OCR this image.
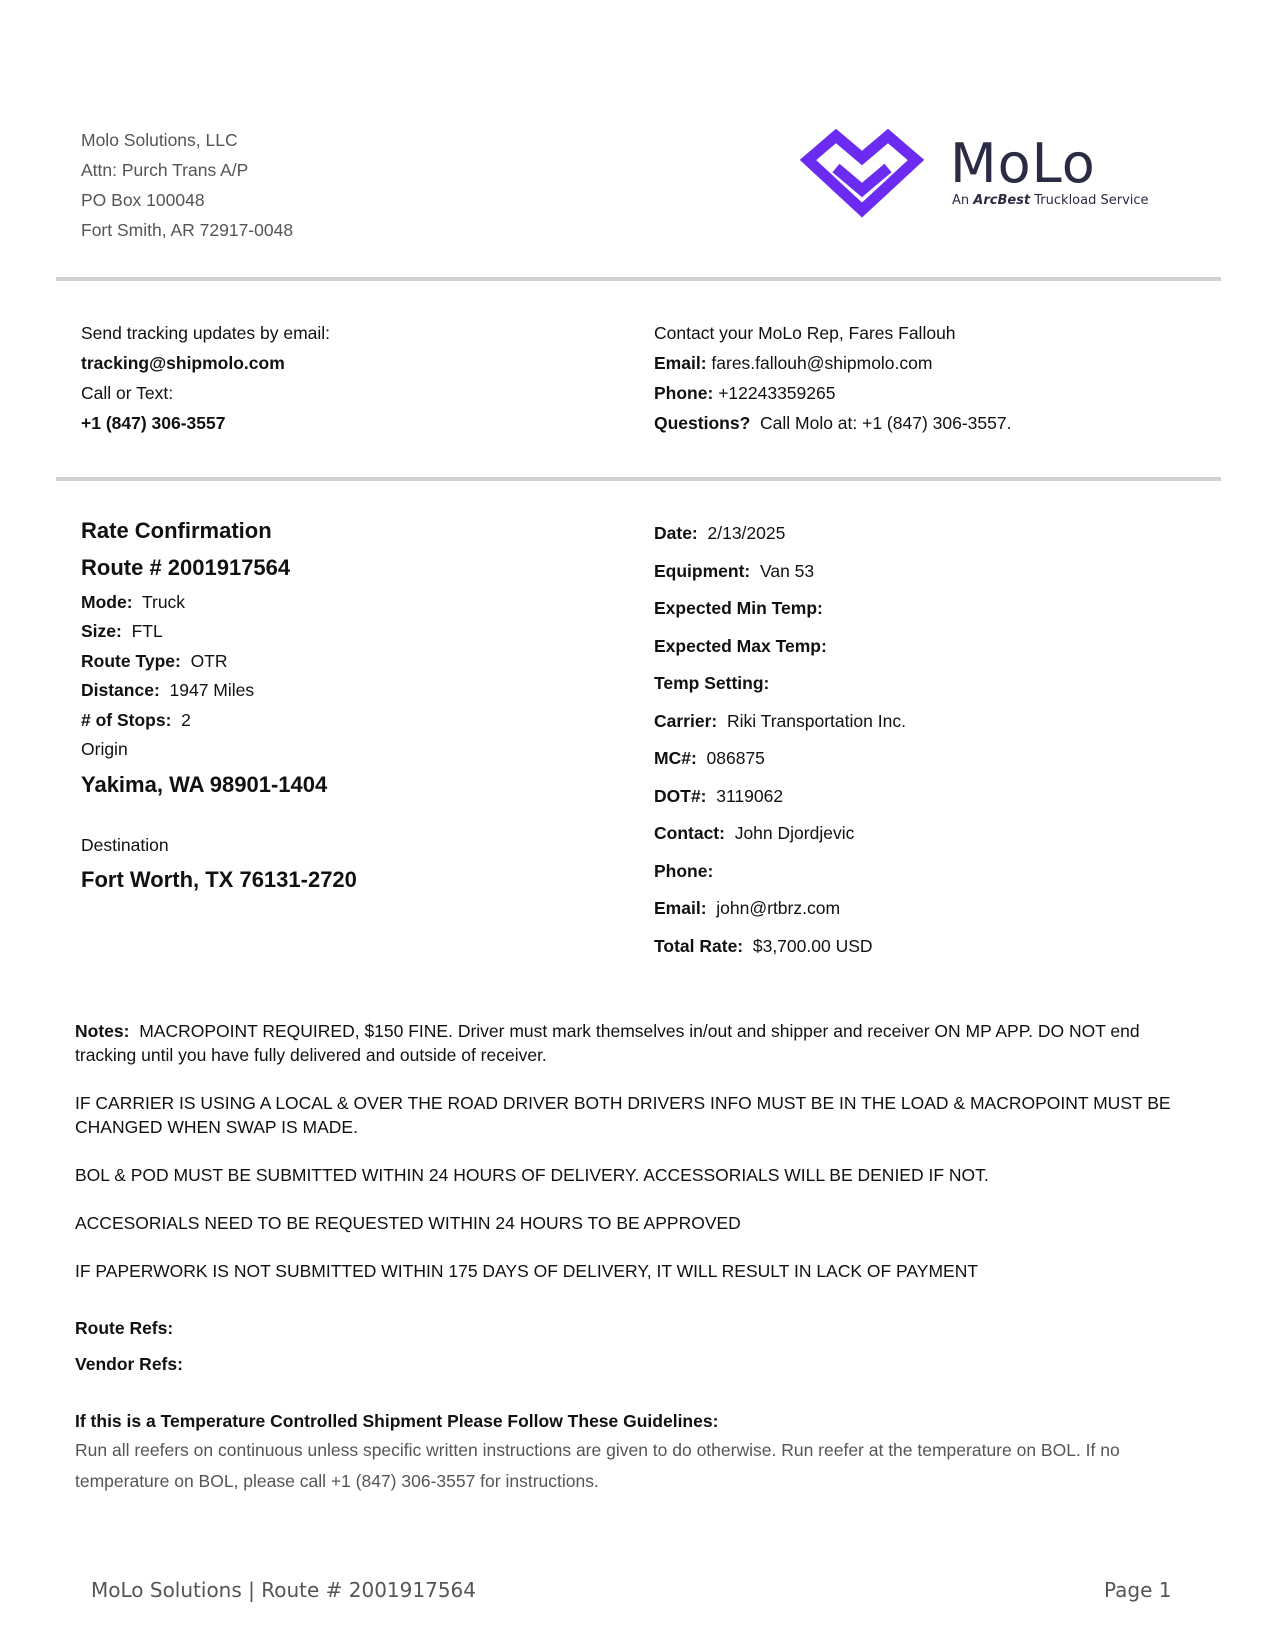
Molo Solutions, LLC
Attn: Purch Trans A/P
PO Box 100048
Fort Smith, AR 72917-0048
MoLo
An ArcBest Truckload Service
Send tracking updates by email:
tracking@shipmolo.com
Call or Text:
+1 (847) 306-3557
Contact your MoLo Rep, Fares Fallouh
Email: fares.fallouh@shipmolo.com
Phone: +12243359265
Questions? Call Molo at: +1 (847) 306-3557.
Rate Confirmation
Route # 2001917564
Mode: Truck
Size: FTL
Route Type: OTR
Distance: 1947 Miles
# of Stops: 2
Origin
Yakima, WA 98901-1404
Destination
Fort Worth, TX 76131-2720
Date: 2/13/2025
Equipment: Van 53
Expected Min Temp:
Expected Max Temp:
Temp Setting:
Carrier: Riki Transportation Inc.
MC#: 086875
DOT#: 3119062
Contact: John Djordjevic
Phone:
Email: john@rtbrz.com
Total Rate: $3,700.00 USD

Notes: MACROPOINT REQUIRED, $150 FINE. Driver must mark themselves in/out and shipper and receiver ON MP APP. DO NOT end tracking until you have fully delivered and outside of receiver.

IF CARRIER IS USING A LOCAL & OVER THE ROAD DRIVER BOTH DRIVERS INFO MUST BE IN THE LOAD & MACROPOINT MUST BE CHANGED WHEN SWAP IS MADE.

BOL & POD MUST BE SUBMITTED WITHIN 24 HOURS OF DELIVERY. ACCESSORIALS WILL BE DENIED IF NOT.

ACCESORIALS NEED TO BE REQUESTED WITHIN 24 HOURS TO BE APPROVED

IF PAPERWORK IS NOT SUBMITTED WITHIN 175 DAYS OF DELIVERY, IT WILL RESULT IN LACK OF PAYMENT

Route Refs:
Vendor Refs:
If this is a Temperature Controlled Shipment Please Follow These Guidelines:
Run all reefers on continuous unless specific written instructions are given to do otherwise. Run reefer at the temperature on BOL. If no temperature on BOL, please call +1 (847) 306-3557 for instructions.
MoLo Solutions | Route # 2001917564	Page 1
